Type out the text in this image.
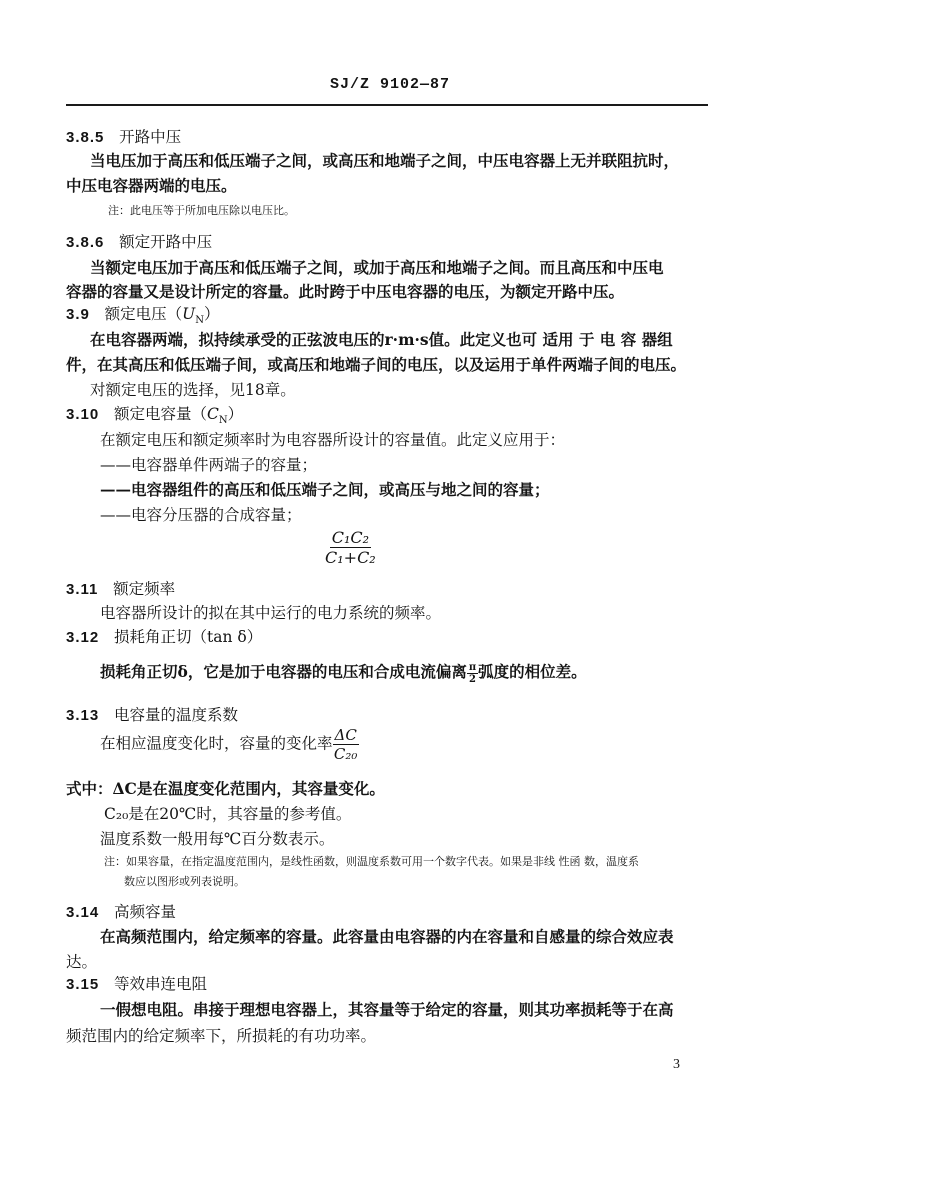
SJ/Z 9102—87
3.8.5 开路中压
当电压加于高压和低压端子之间，或高压和地端子之间，中压电容器上无并联阻抗时，
中压电容器两端的电压。
注：此电压等于所加电压除以电压比。
3.8.6 额定开路中压
当额定电压加于高压和低压端子之间，或加于高压和地端子之间。而且高压和中压电
容器的容量又是设计所定的容量。此时跨于中压电容器的电压，为额定开路中压。
3.9 额定电压$(U_N)$
在电容器两端，拟持续承受的正弦波电压的r·m·s值。此定义也可 适用 于 电 容 器组
件，在其高压和低压端子间，或高压和地端子间的电压，以及运用于单件两端子间的电压。
对额定电压的选择，见18章。
3.10 额定电容量$(C_N)$
在额定电压和额定频率时为电容器所设计的容量值。此定义应用于：
——电容器单件两端子的容量；
——电容器组件的高压和低压端子之间，或高压与地之间的容量；
——电容分压器的合成容量；
$\frac{\text{C₁C₂}}{\text{C₁+C₂}}$
3.11 额定频率
电容器所设计的拟在其中运行的电力系统的频率。
3.12 损耗角正切（tan δ）
损耗角正切δ，它是加于电容器的电压和合成电流偏离 $\frac{\pi}{2}$ 弧度的相位差。
3.13 电容量的温度系数
在相应温度变化时，容量的变化率 $\frac{\Delta C}{\text{C₂₀}}$
式中：ΔC是在温度变化范围内，其容量变化。
C₂₀是在20℃时，其容量的参考值。
温度系数一般用每℃百分数表示。
注：如果容量，在指定温度范围内，是线性函数，则温度系数可用一个数字代表。如果是非线 性函 数，温度系
数应以图形或列表说明。
3.14 高频容量
在高频范围内，给定频率的容量。此容量由电容器的内在容量和自感量的综合效应表
达。
3.15 等效串连电阻
一假想电阻。串接于理想电容器上，其容量等于给定的容量，则其功率损耗等于在高
频范围内的给定频率下，所损耗的有功功率。
3
